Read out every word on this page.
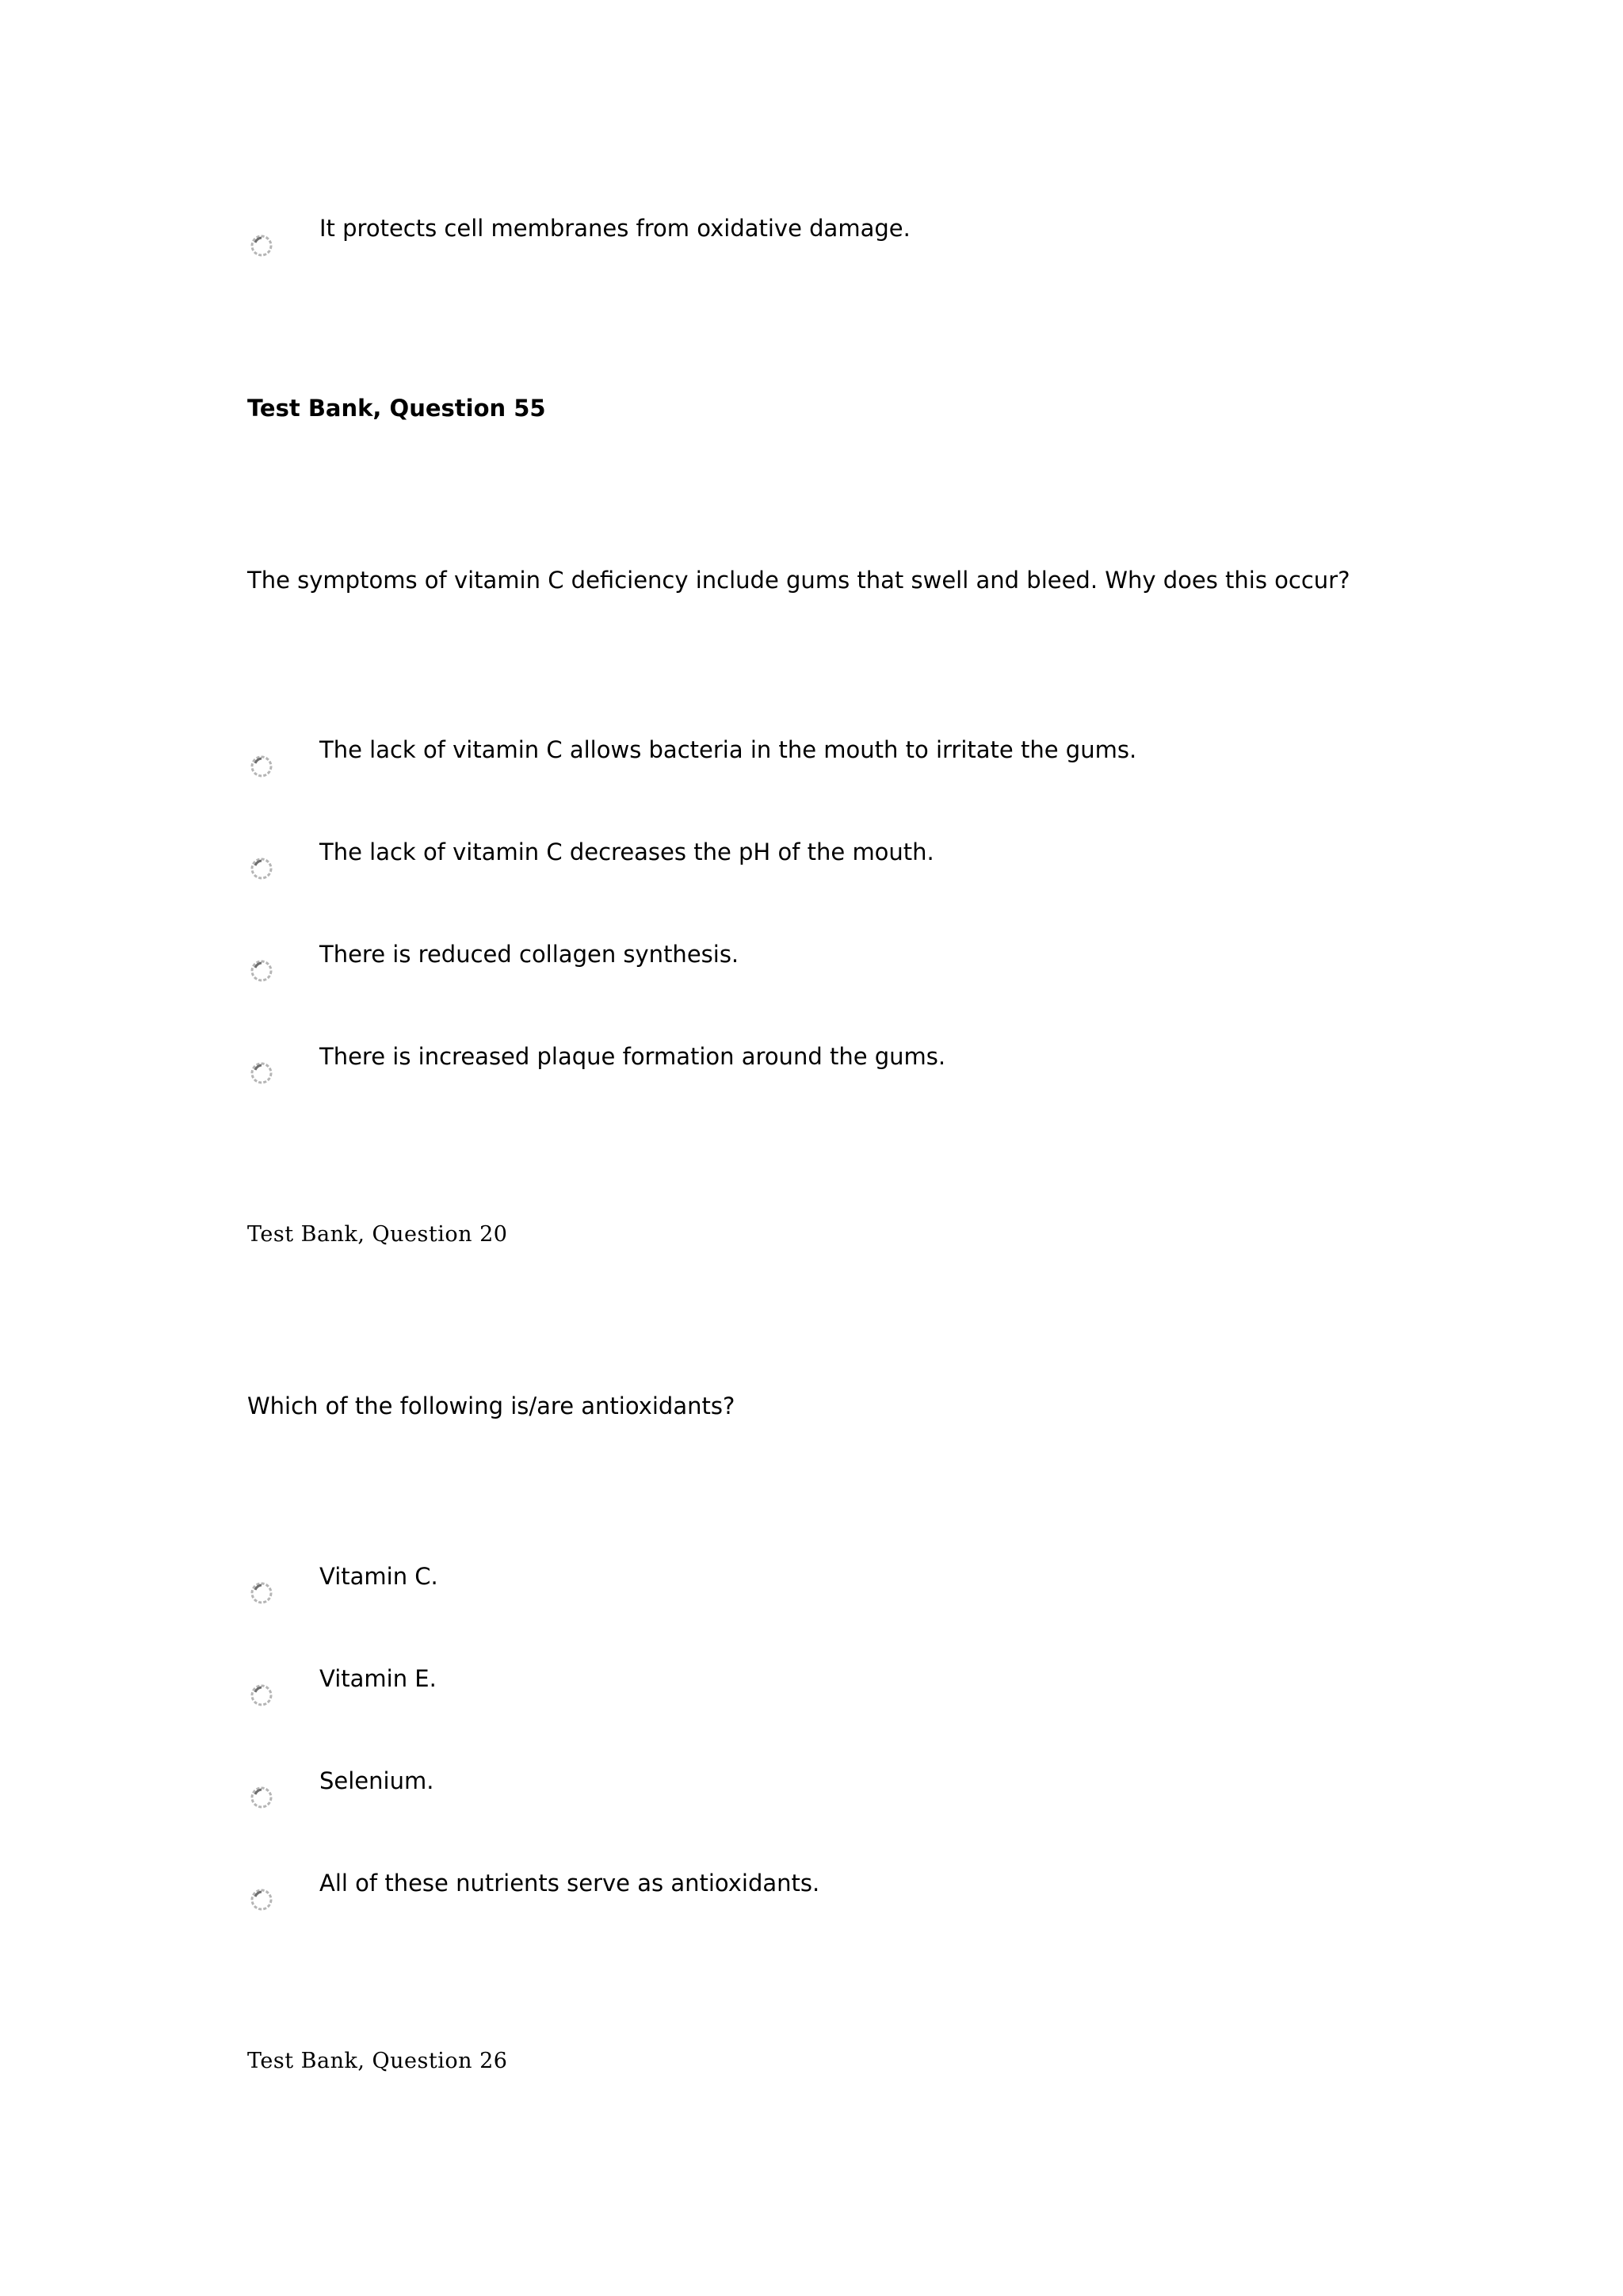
It protects cell membranes from oxidative damage.
Test Bank, Question 55
The symptoms of vitamin C deficiency include gums that swell and bleed. Why does this occur?
The lack of vitamin C allows bacteria in the mouth to irritate the gums.
The lack of vitamin C decreases the pH of the mouth.
There is reduced collagen synthesis.
There is increased plaque formation around the gums.
Test Bank, Question 20
Which of the following is/are antioxidants?
Vitamin C.
Vitamin E.
Selenium.
All of these nutrients serve as antioxidants.
Test Bank, Question 26
